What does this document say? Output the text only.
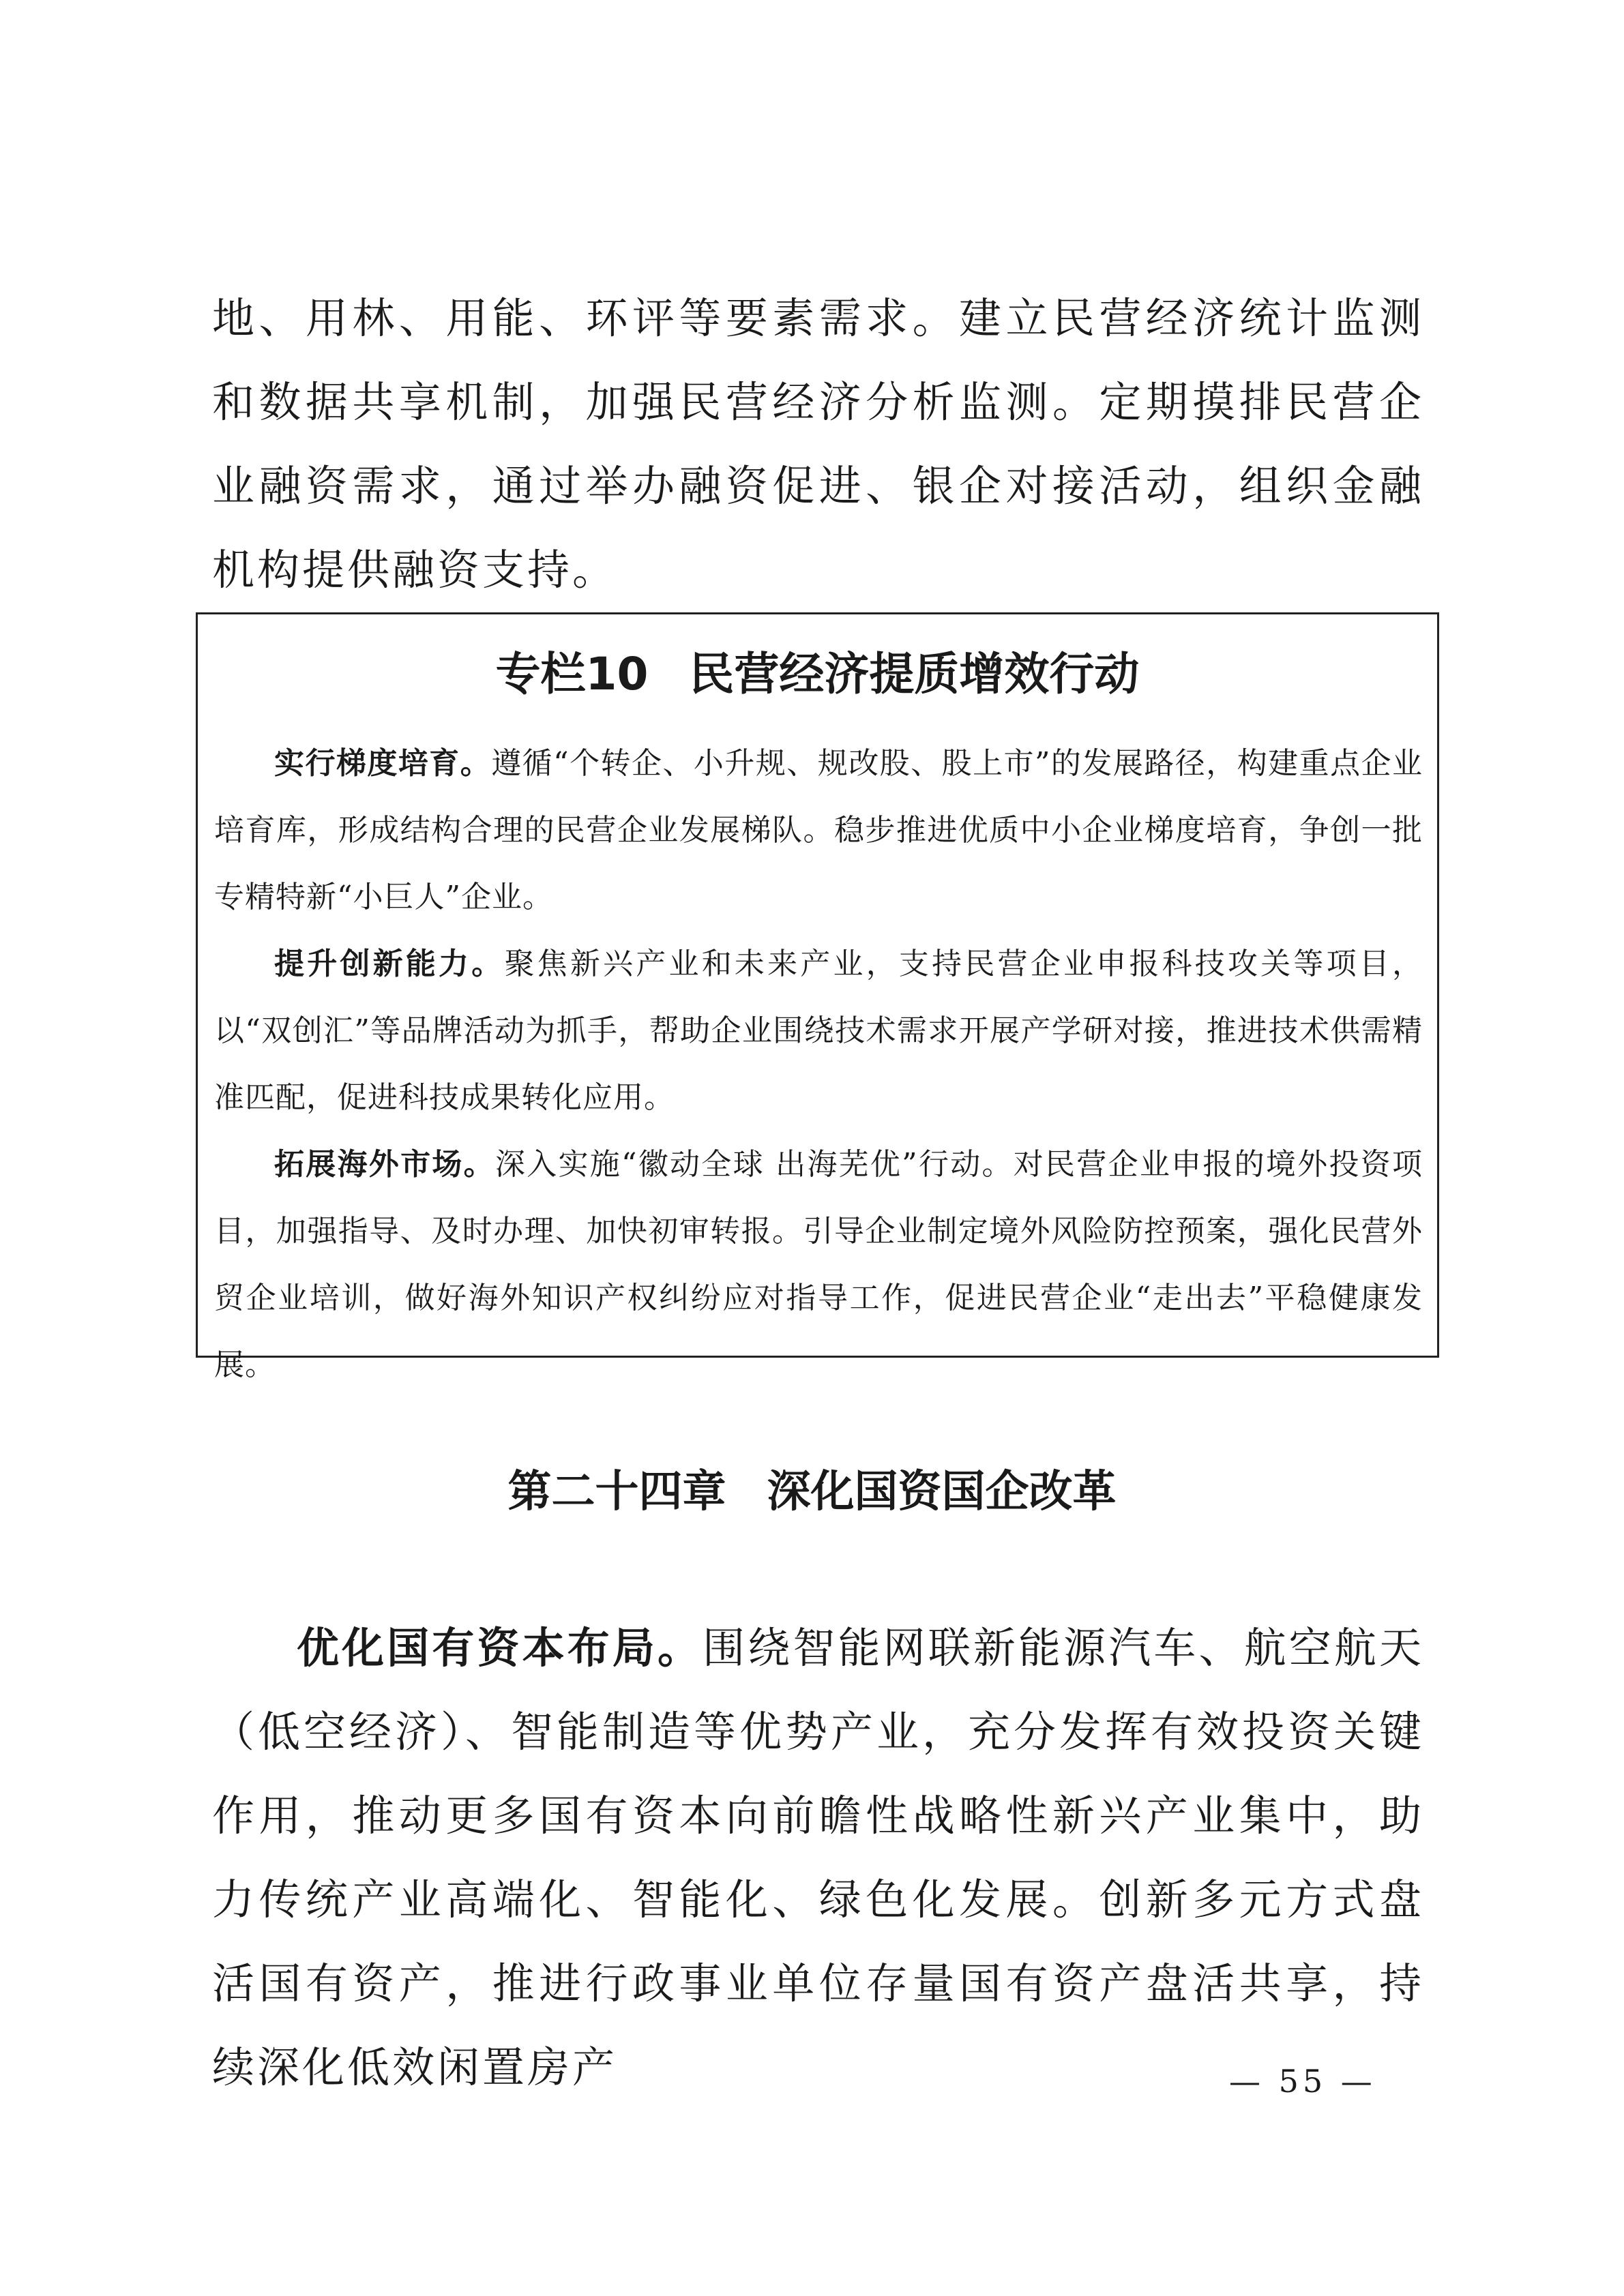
地、用林、用能、环评等要素需求。建立民营经济统计监测和数据共享机制，加强民营经济分析监测。定期摸排民营企业融资需求，通过举办融资促进、银企对接活动，组织金融机构提供融资支持。

专栏10 民营经济提质增效行动

实行梯度培育。遵循“个转企、小升规、规改股、股上市”的发展路径，构建重点企业培育库，形成结构合理的民营企业发展梯队。稳步推进优质中小企业梯度培育，争创一批专精特新“小巨人”企业。

提升创新能力。聚焦新兴产业和未来产业，支持民营企业申报科技攻关等项目，以“双创汇”等品牌活动为抓手，帮助企业围绕技术需求开展产学研对接，推进技术供需精准匹配，促进科技成果转化应用。

拓展海外市场。深入实施“徽动全球 出海芜优”行动。对民营企业申报的境外投资项目，加强指导、及时办理、加快初审转报。引导企业制定境外风险防控预案，强化民营外贸企业培训，做好海外知识产权纠纷应对指导工作，促进民营企业“走出去”平稳健康发展。

第二十四章 深化国资国企改革

优化国有资本布局。围绕智能网联新能源汽车、航空航天（低空经济）、智能制造等优势产业，充分发挥有效投资关键作用，推动更多国有资本向前瞻性战略性新兴产业集中，助力传统产业高端化、智能化、绿色化发展。创新多元方式盘活国有资产，推进行政事业单位存量国有资产盘活共享，持续深化低效闲置房产	— 55 —
